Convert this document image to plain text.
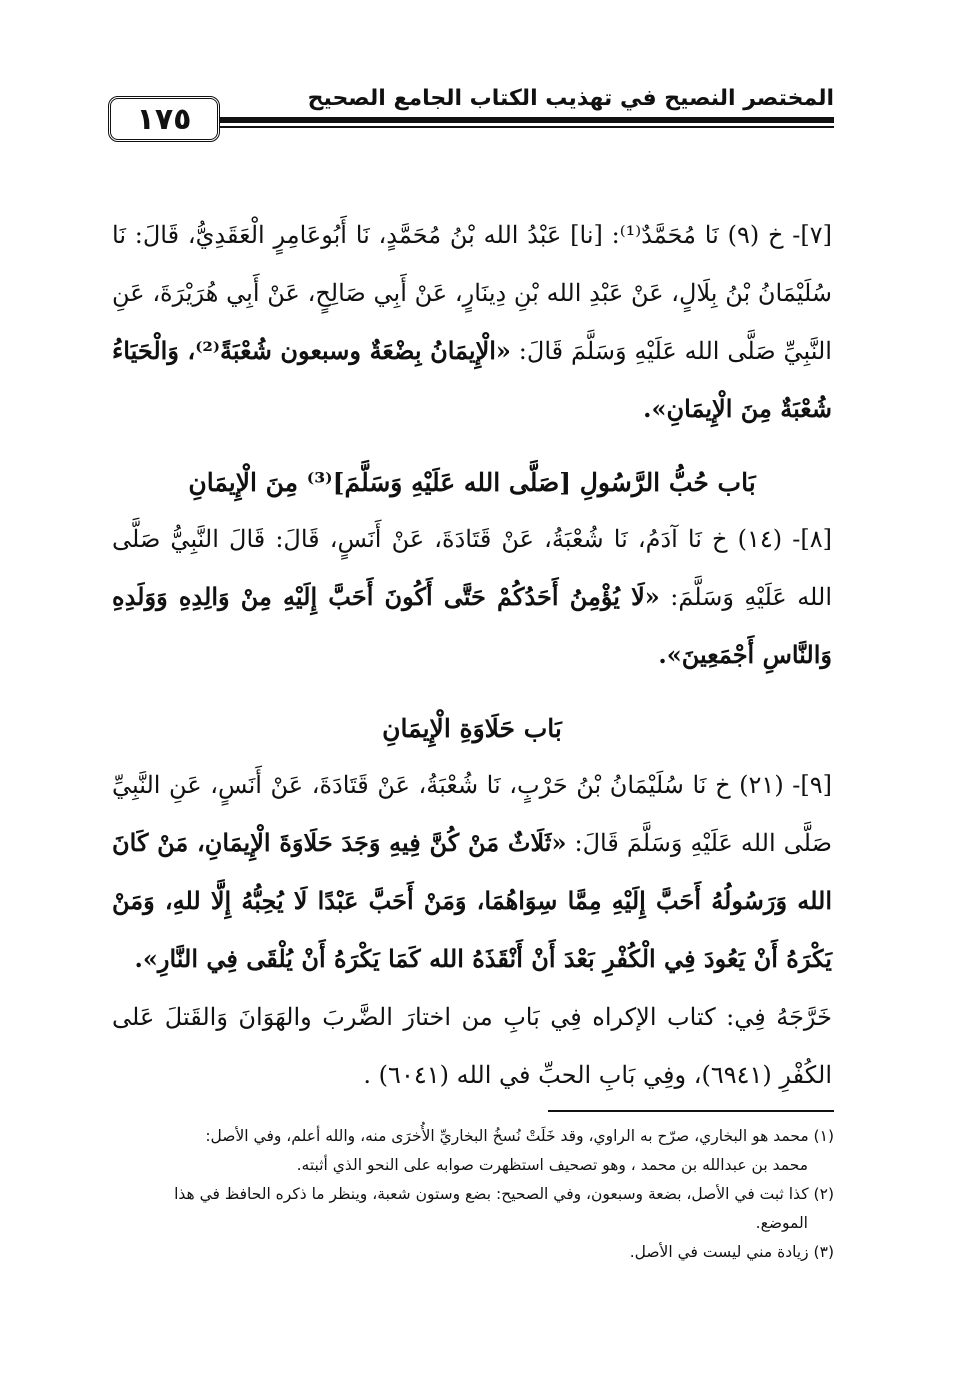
١٧٥
المختصر النصيح في تهذيب الكتاب الجامع الصحيح

[٧]- خ (٩) نَا مُحَمَّدٌ⁽¹⁾: [نا] عَبْدُ الله بْنُ مُحَمَّدٍ، نَا أَبُوعَامِرٍ الْعَقَدِيُّ، قَالَ: نَا سُلَيْمَانُ بْنُ بِلَالٍ، عَنْ عَبْدِ الله بْنِ دِينَارٍ، عَنْ أَبِي صَالِحٍ، عَنْ أَبِي هُرَيْرَةَ، عَنِ النَّبِيِّ صَلَّى الله عَلَيْهِ وَسَلَّمَ قَالَ: «الْإِيمَانُ بِضْعَةٌ وسبعون شُعْبَةً⁽²⁾، وَالْحَيَاءُ شُعْبَةٌ مِنَ الْإِيمَانِ».

بَاب حُبُّ الرَّسُولِ [صَلَّى الله عَلَيْهِ وَسَلَّمَ]⁽³⁾ مِنَ الْإِيمَانِ

[٨]- (١٤) خ نَا آدَمُ، نَا شُعْبَةُ، عَنْ قَتَادَةَ، عَنْ أَنَسٍ، قَالَ: قَالَ النَّبِيُّ صَلَّى الله عَلَيْهِ وَسَلَّمَ: «لَا يُؤْمِنُ أَحَدُكُمْ حَتَّى أَكُونَ أَحَبَّ إِلَيْهِ مِنْ وَالِدِهِ وَوَلَدِهِ وَالنَّاسِ أَجْمَعِينَ».

بَاب حَلَاوَةِ الْإِيمَانِ

[٩]- (٢١) خ نَا سُلَيْمَانُ بْنُ حَرْبٍ، نَا شُعْبَةُ، عَنْ قَتَادَةَ، عَنْ أَنَسٍ، عَنِ النَّبِيِّ صَلَّى الله عَلَيْهِ وَسَلَّمَ قَالَ: «ثَلَاثٌ مَنْ كُنَّ فِيهِ وَجَدَ حَلَاوَةَ الْإِيمَانِ، مَنْ كَانَ الله وَرَسُولُهُ أَحَبَّ إِلَيْهِ مِمَّا سِوَاهُمَا، وَمَنْ أَحَبَّ عَبْدًا لَا يُحِبُّهُ إِلَّا للهِ، وَمَنْ يَكْرَهُ أَنْ يَعُودَ فِي الْكُفْرِ بَعْدَ أَنْ أَنْقَذَهُ الله كَمَا يَكْرَهُ أَنْ يُلْقَى فِي النَّارِ».

خَرَّجَهُ فِي: كتاب الإكراه فِي بَابِ من اختارَ الضَّربَ والهَوَانَ وَالقَتلَ عَلى الكُفْرِ (٦٩٤١)، وفِي بَابِ الحبِّ في الله (٦٠٤١) .

(١) محمد هو البخاري، صرّح به الراوي، وقد خَلَتْ نُسخُ البخاريِّ الأُخرَى منه، والله أعلم، وفي الأصل:

محمد بن عبدالله بن محمد ، وهو تصحيف استظهرت صوابه على النحو الذي أثبته.

(٢) كذا ثبت في الأصل، بضعة وسبعون، وفي الصحيح: بضع وستون شعبة، وينظر ما ذكره الحافظ في هذا

الموضع.

(٣) زيادة مني ليست في الأصل.
